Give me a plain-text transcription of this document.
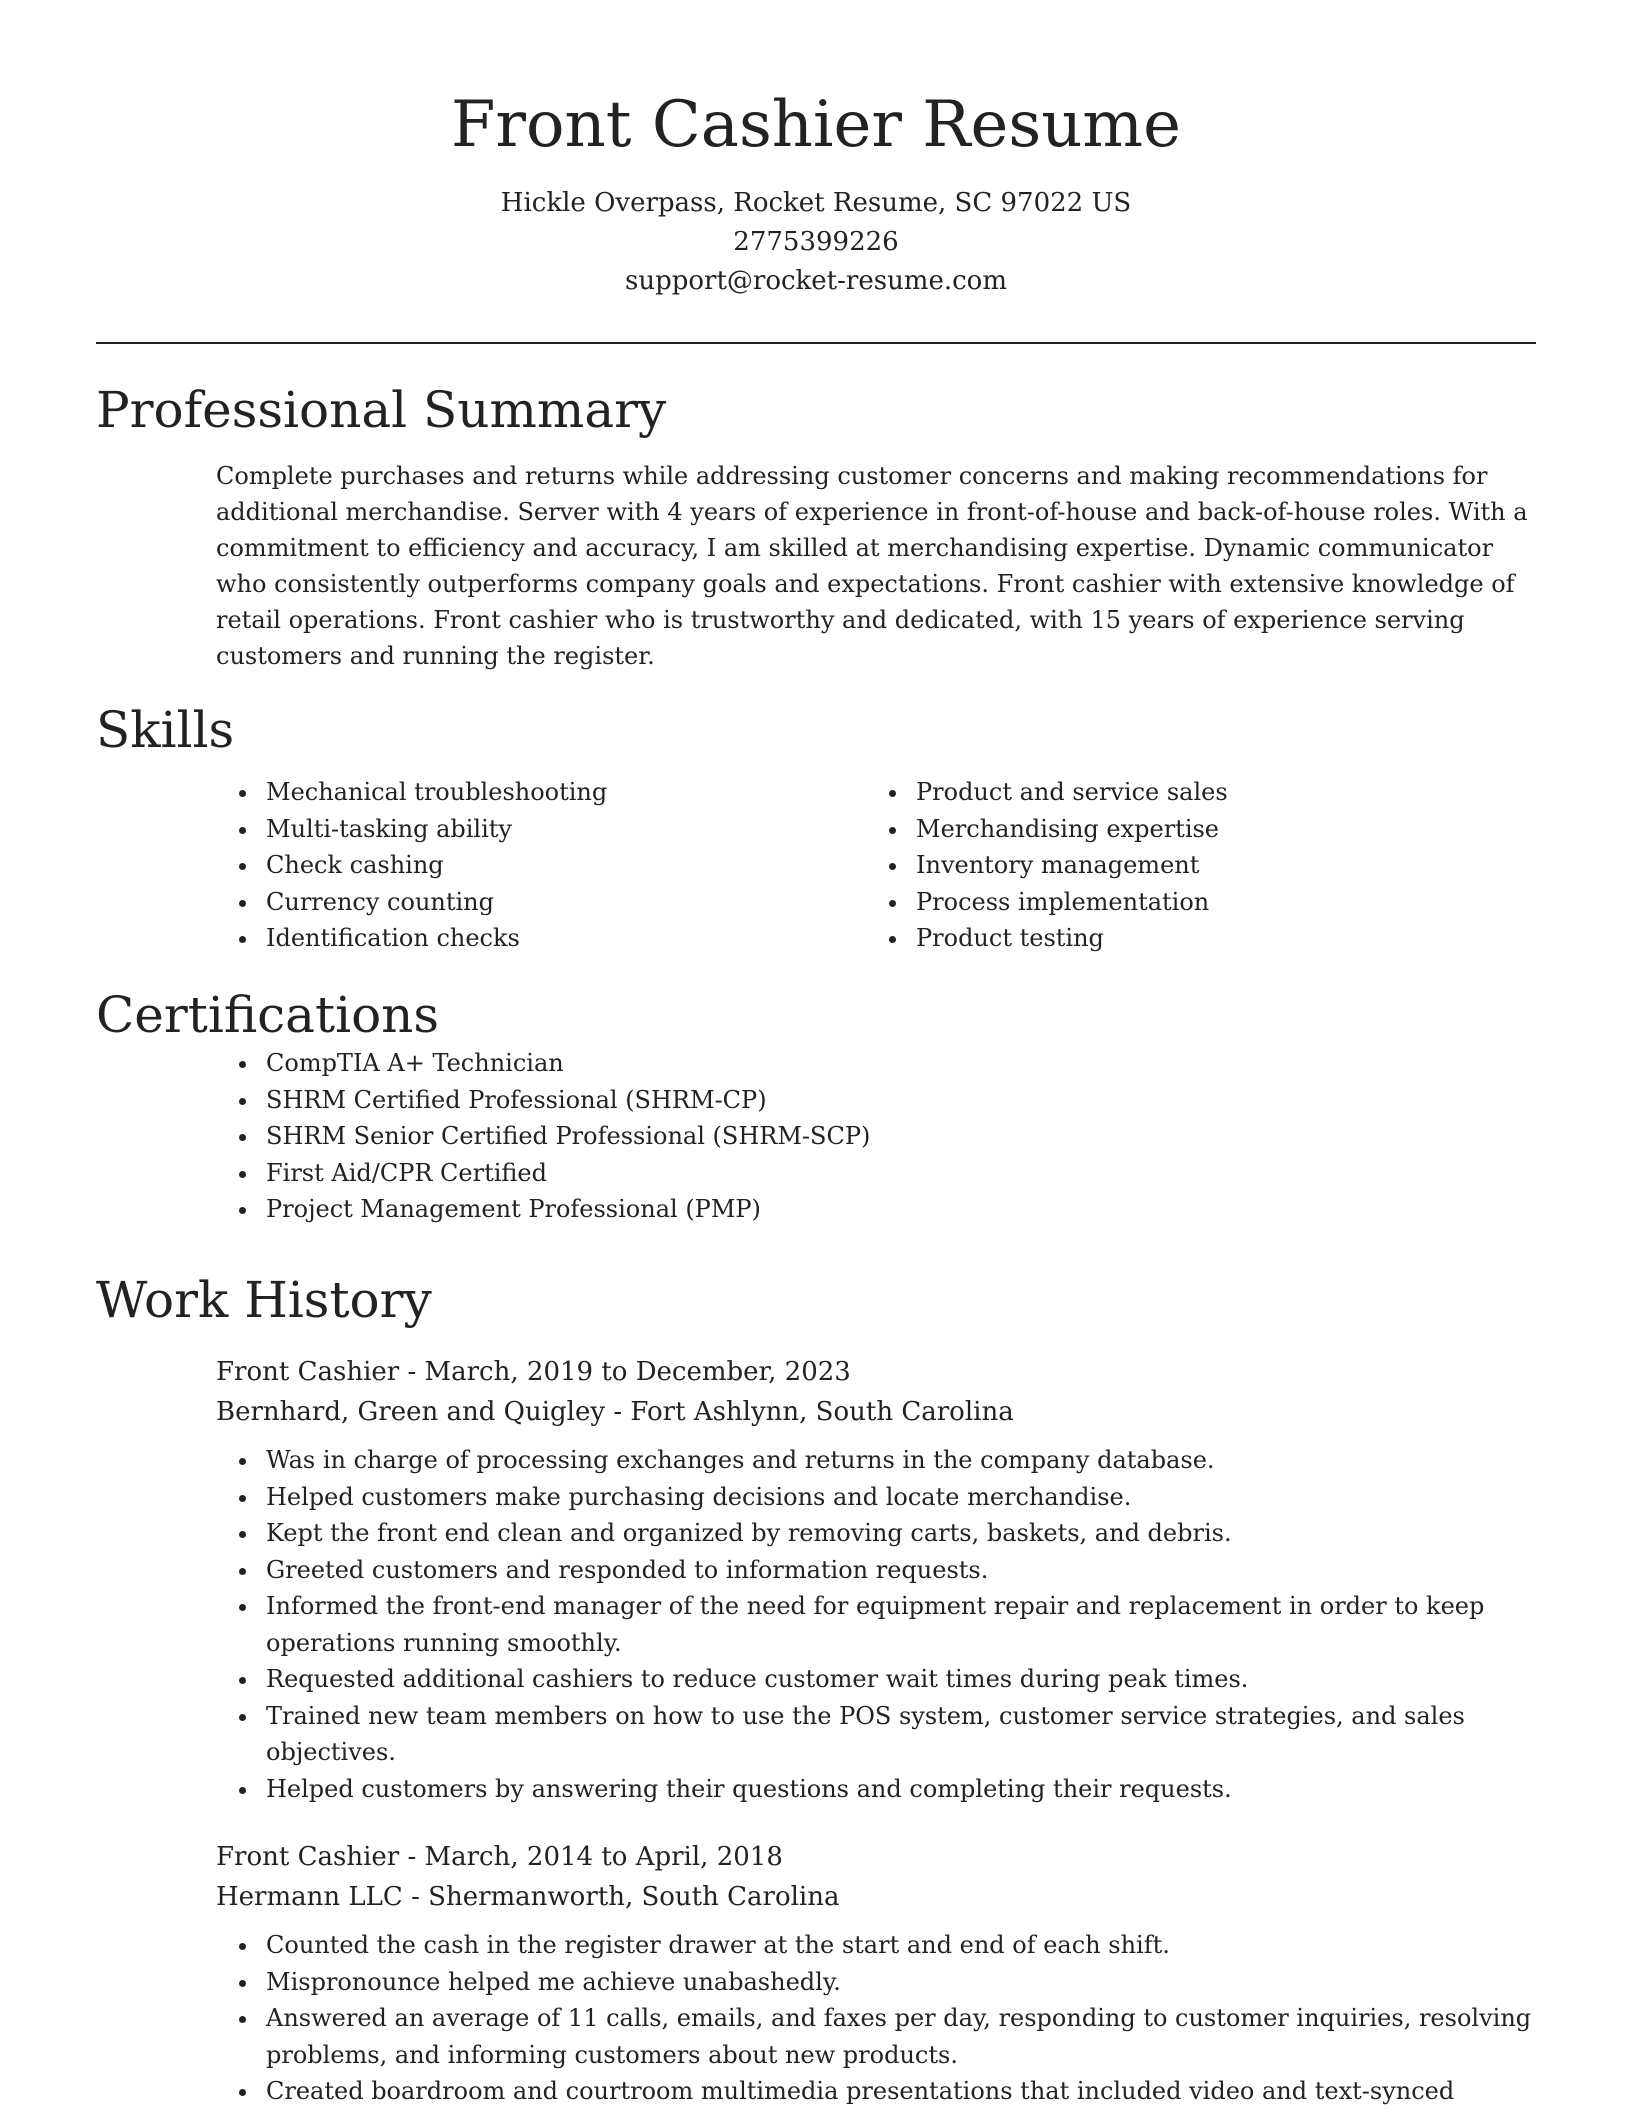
Front Cashier Resume

Hickle Overpass, Rocket Resume, SC 97022 US

2775399226

support@rocket-resume.com

Professional Summary

Complete purchases and returns while addressing customer concerns and making recommendations for additional merchandise. Server with 4 years of experience in front-of-house and back-of-house roles. With a commitment to efficiency and accuracy, I am skilled at merchandising expertise. Dynamic communicator who consistently outperforms company goals and expectations. Front cashier with extensive knowledge of retail operations. Front cashier who is trustworthy and dedicated, with 15 years of experience serving customers and running the register.

Skills
• Mechanical troubleshooting
• Multi-tasking ability
• Check cashing
• Currency counting
• Identification checks
• Product and service sales
• Merchandising expertise
• Inventory management
• Process implementation
• Product testing
Certifications
• CompTIA A+ Technician
• SHRM Certified Professional (SHRM-CP)
• SHRM Senior Certified Professional (SHRM-SCP)
• First Aid/CPR Certified
• Project Management Professional (PMP)
Work History

Front Cashier - March, 2019 to December, 2023

Bernhard, Green and Quigley - Fort Ashlynn, South Carolina

• Was in charge of processing exchanges and returns in the company database.
• Helped customers make purchasing decisions and locate merchandise.
• Kept the front end clean and organized by removing carts, baskets, and debris.
• Greeted customers and responded to information requests.
• Informed the front-end manager of the need for equipment repair and replacement in order to keep operations running smoothly.
• Requested additional cashiers to reduce customer wait times during peak times.
• Trained new team members on how to use the POS system, customer service strategies, and sales objectives.
• Helped customers by answering their questions and completing their requests.

Front Cashier - March, 2014 to April, 2018

Hermann LLC - Shermanworth, South Carolina

• Counted the cash in the register drawer at the start and end of each shift.
• Mispronounce helped me achieve unabashedly.
• Answered an average of 11 calls, emails, and faxes per day, responding to customer inquiries, resolving problems, and informing customers about new products.
• Created boardroom and courtroom multimedia presentations that included video and text-synced
